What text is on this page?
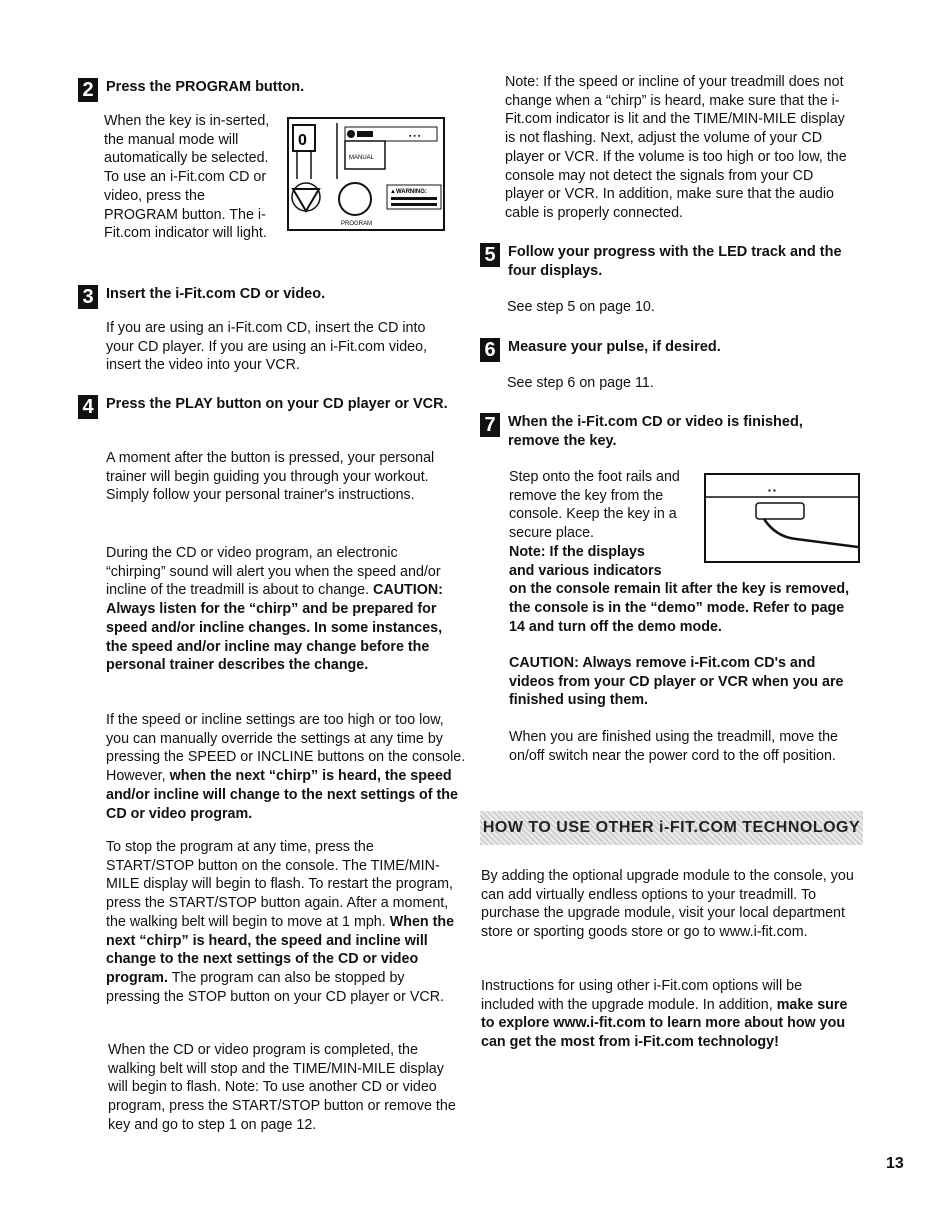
2 Press the PROGRAM button.
When the key is in-serted, the manual mode will automatically be selected. To use an i-Fit.com CD or video, press the PROGRAM button. The i-Fit.com indicator will light.
0	▪ ▪ ▪
MANUAL
PROGRAM
▲WARNING:
3 Insert the i-Fit.com CD or video.
If you are using an i-Fit.com CD, insert the CD into your CD player. If you are using an i-Fit.com video, insert the video into your VCR.
4 Press the PLAY button on your CD player or VCR.
A moment after the button is pressed, your personal trainer will begin guiding you through your workout. Simply follow your personal trainer's instructions.
During the CD or video program, an electronic “chirping” sound will alert you when the speed and/or incline of the treadmill is about to change. CAUTION: Always listen for the “chirp” and be prepared for speed and/or incline changes. In some instances, the speed and/or incline may change before the personal trainer describes the change.
If the speed or incline settings are too high or too low, you can manually override the settings at any time by pressing the SPEED or INCLINE buttons on the console. However, when the next “chirp” is heard, the speed and/or incline will change to the next settings of the CD or video program.
To stop the program at any time, press the START/STOP button on the console. The TIME/MIN-MILE display will begin to flash. To restart the program, press the START/STOP button again. After a moment, the walking belt will begin to move at 1 mph. When the next “chirp” is heard, the speed and incline will change to the next settings of the CD or video program. The program can also be stopped by pressing the STOP button on your CD player or VCR.
When the CD or video program is completed, the walking belt will stop and the TIME/MIN-MILE display will begin to flash. Note: To use another CD or video program, press the START/STOP button or remove the key and go to step 1 on page 12.
Note: If the speed or incline of your treadmill does not change when a “chirp” is heard, make sure that the i-Fit.com indicator is lit and the TIME/MIN-MILE display is not flashing. Next, adjust the volume of your CD player or VCR. If the volume is too high or too low, the console may not detect the signals from your CD player or VCR. In addition, make sure that the audio cable is properly connected.
5 Follow your progress with the LED track and the four displays.
See step 5 on page 10.
6 Measure your pulse, if desired.
See step 6 on page 11.
7 When the i-Fit.com CD or video is finished, remove the key.
▪ ▪
Step onto the foot rails and remove the key from the console. Keep the key in a secure place.
Note: If the displays and various indicators on the console remain lit after the key is removed, the console is in the “demo” mode. Refer to page 14 and turn off the demo mode.
CAUTION: Always remove i-Fit.com CD's and videos from your CD player or VCR when you are finished using them.
When you are finished using the treadmill, move the on/off switch near the power cord to the off position.
HOW TO USE OTHER i-FIT.COM TECHNOLOGY
By adding the optional upgrade module to the console, you can add virtually endless options to your treadmill. To purchase the upgrade module, visit your local department store or sporting goods store or go to www.i-fit.com.
Instructions for using other i-Fit.com options will be included with the upgrade module. In addition, make sure to explore www.i-fit.com to learn more about how you can get the most from i-Fit.com technology!
13
